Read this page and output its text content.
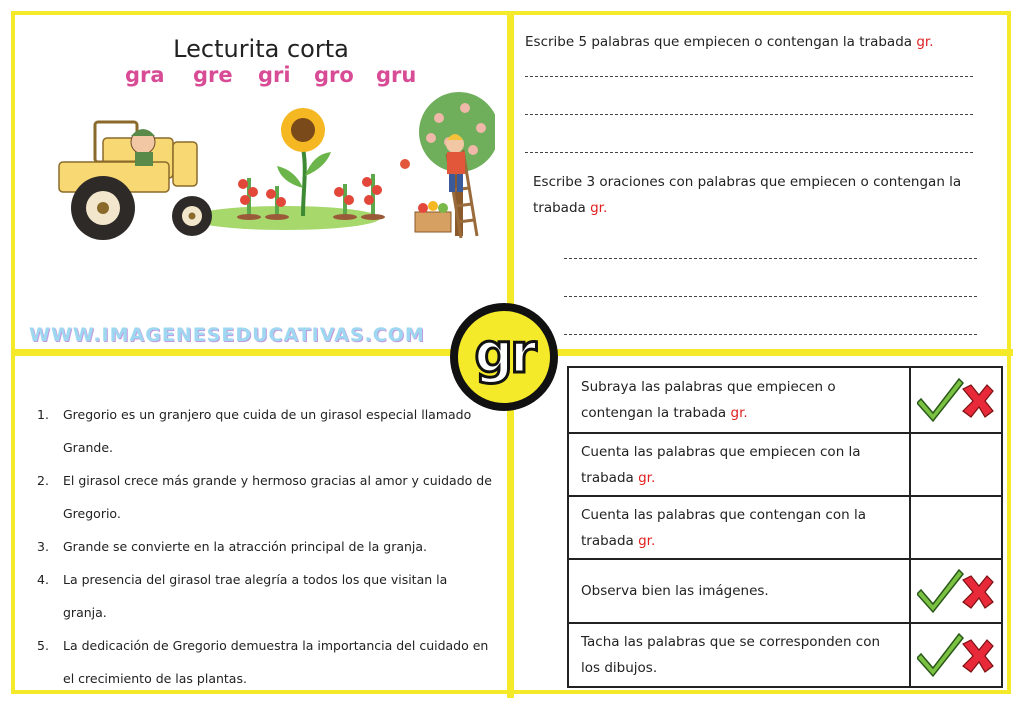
Lecturita corta
gra gre gri gro gru
WWW.IMAGENESEDUCATIVAS.COM
Escribe 5 palabras que empiecen o contengan la trabada gr.
Escribe 3 oraciones con palabras que empiecen o contengan la
trabada gr.
gr
1. Gregorio es un granjero que cuida de un girasol especial llamado Grande.
2. El girasol crece más grande y hermoso gracias al amor y cuidado de Gregorio.
3. Grande se convierte en la atracción principal de la granja.
4. La presencia del girasol trae alegría a todos los que visitan la granja.
5. La dedicación de Gregorio demuestra la importancia del cuidado en el crecimiento de las plantas.
Subraya las palabras que empiecen o
contengan la trabada gr.

Cuenta las palabras que empiecen con la
trabada gr.	

Cuenta las palabras que contengan con la
trabada gr.	

Observa bien las imágenes.

Tacha las palabras que se corresponden con
los dibujos.
